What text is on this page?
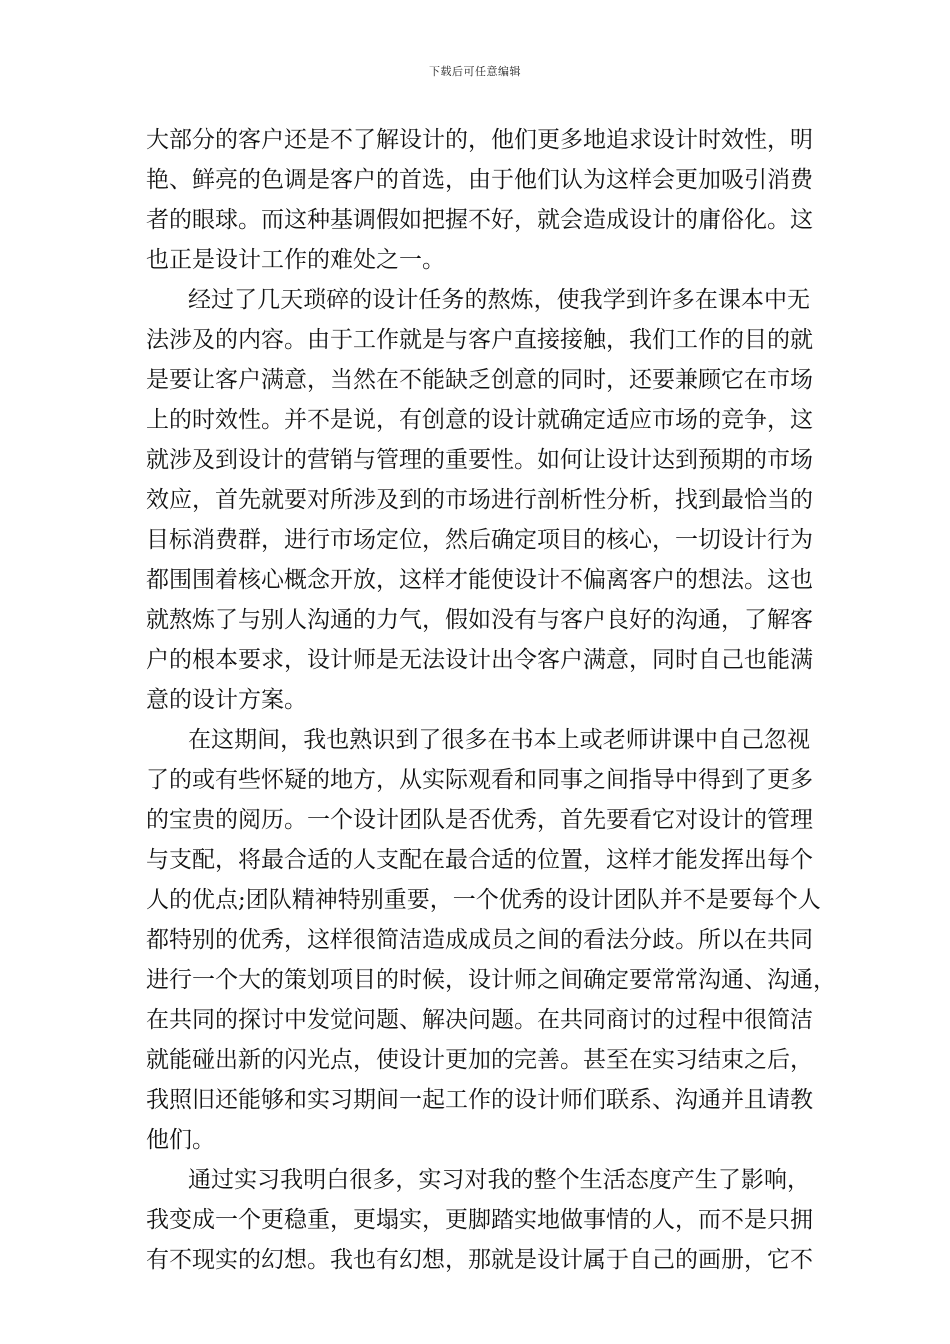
下载后可任意编辑
大部分的客户还是不了解设计的，他们更多地追求设计时效性，明
艳、鲜亮的色调是客户的首选，由于他们认为这样会更加吸引消费
者的眼球。而这种基调假如把握不好，就会造成设计的庸俗化。这
也正是设计工作的难处之一。
经过了几天琐碎的设计任务的熬炼，使我学到许多在课本中无
法涉及的内容。由于工作就是与客户直接接触，我们工作的目的就
是要让客户满意，当然在不能缺乏创意的同时，还要兼顾它在市场
上的时效性。并不是说，有创意的设计就确定适应市场的竞争，这
就涉及到设计的营销与管理的重要性。如何让设计达到预期的市场
效应，首先就要对所涉及到的市场进行剖析性分析，找到最恰当的
目标消费群，进行市场定位，然后确定项目的核心，一切设计行为
都围围着核心概念开放，这样才能使设计不偏离客户的想法。这也
就熬炼了与别人沟通的力气，假如没有与客户良好的沟通，了解客
户的根本要求，设计师是无法设计出令客户满意，同时自己也能满
意的设计方案。
在这期间，我也熟识到了很多在书本上或老师讲课中自己忽视
了的或有些怀疑的地方，从实际观看和同事之间指导中得到了更多
的宝贵的阅历。一个设计团队是否优秀，首先要看它对设计的管理
与支配，将最合适的人支配在最合适的位置，这样才能发挥出每个
人的优点;团队精神特别重要，一个优秀的设计团队并不是要每个人
都特别的优秀，这样很简洁造成成员之间的看法分歧。所以在共同
进行一个大的策划项目的时候，设计师之间确定要常常沟通、沟通，
在共同的探讨中发觉问题、解决问题。在共同商讨的过程中很简洁
就能碰出新的闪光点，使设计更加的完善。甚至在实习结束之后，
我照旧还能够和实习期间一起工作的设计师们联系、沟通并且请教
他们。
通过实习我明白很多，实习对我的整个生活态度产生了影响，
我变成一个更稳重，更塌实，更脚踏实地做事情的人，而不是只拥
有不现实的幻想。我也有幻想，那就是设计属于自己的画册，它不
